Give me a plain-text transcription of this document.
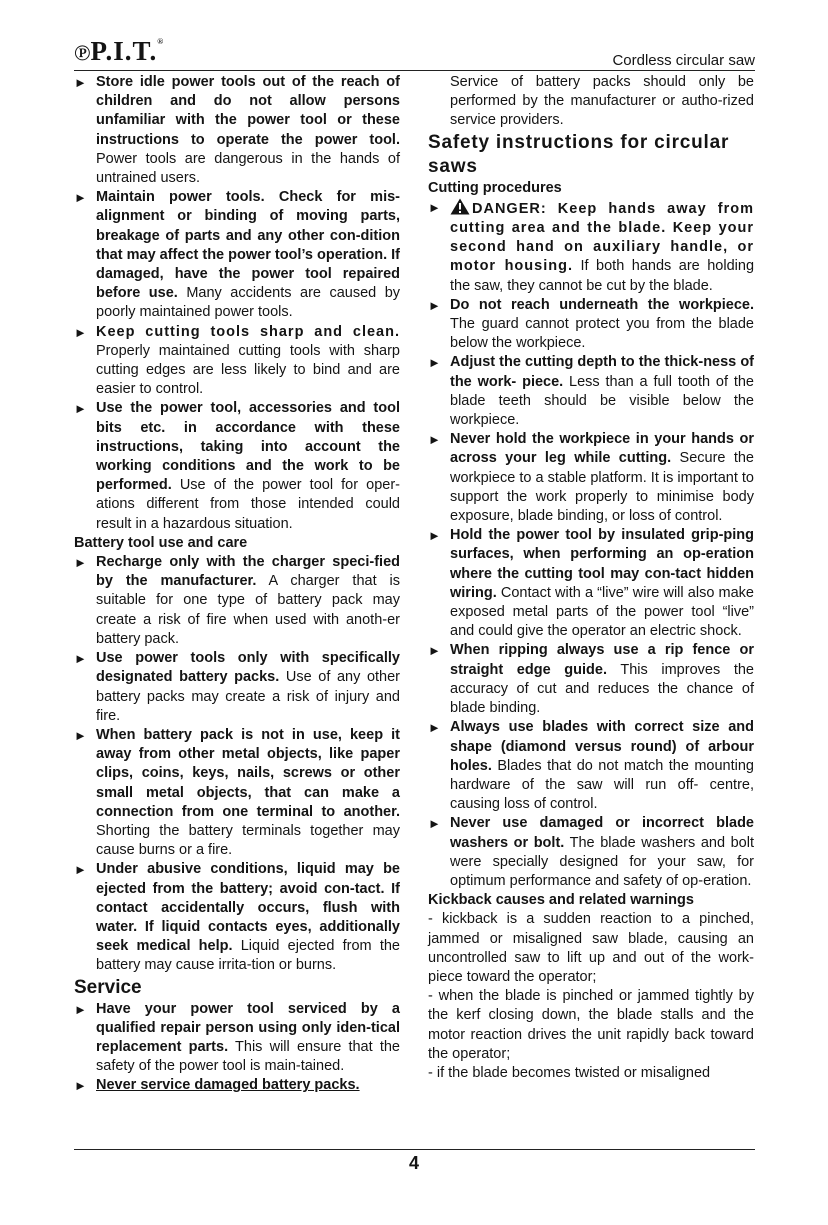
℗P.I.T.®
Cordless circular saw
► Store idle power tools out of the reach of children and do not allow persons unfamiliar with the power tool or these instructions to operate the power tool. Power tools are dangerous in the hands of untrained users.
► Maintain power tools. Check for mis-alignment or binding of moving parts, breakage of parts and any other con-dition that may affect the power tool’s operation. If damaged, have the power tool repaired before use. Many accidents are caused by poorly maintained power tools.
► Keep cutting tools sharp and clean. Properly maintained cutting tools with sharp cutting edges are less likely to bind and are easier to control.
► Use the power tool, accessories and tool bits etc. in accordance with these instructions, taking into account the working conditions and the work to be performed. Use of the power tool for oper-ations different from those intended could result in a hazardous situation.
Battery tool use and care
► Recharge only with the charger speci-fied by the manufacturer. A charger that is suitable for one type of battery pack may create a risk of fire when used with anoth-er battery pack.
► Use power tools only with specifically designated battery packs. Use of any other battery packs may create a risk of injury and fire.
► When battery pack is not in use, keep it away from other metal objects, like paper clips, coins, keys, nails, screws or other small metal objects, that can make a connection from one terminal to another. Shorting the battery terminals together may cause burns or a fire.
► Under abusive conditions, liquid may be ejected from the battery; avoid con-tact. If contact accidentally occurs, flush with water. If liquid contacts eyes, additionally seek medical help. Liquid ejected from the battery may cause irrita-tion or burns.
Service
► Have your power tool serviced by a qualified repair person using only iden-tical replacement parts. This will ensure that the safety of the power tool is main-tained.
► Never service damaged battery packs.
Service of battery packs should only be performed by the manufacturer or autho-rized service providers.
Safety instructions for circular saws
Cutting procedures
► DANGER: Keep hands away from cutting area and the blade. Keep your second hand on auxiliary handle, or motor housing. If both hands are holding the saw, they cannot be cut by the blade.
► Do not reach underneath the workpiece. The guard cannot protect you from the blade below the workpiece.
► Adjust the cutting depth to the thick-ness of the work- piece. Less than a full tooth of the blade teeth should be visible below the workpiece.
► Never hold the workpiece in your hands or across your leg while cutting. Secure the workpiece to a stable platform. It is important to support the work properly to minimise body exposure, blade binding, or loss of control.
► Hold the power tool by insulated grip-ping surfaces, when performing an op-eration where the cutting tool may con-tact hidden wiring. Contact with a “live” wire will also make exposed metal parts of the power tool “live” and could give the operator an electric shock.
► When ripping always use a rip fence or straight edge guide. This improves the accuracy of cut and reduces the chance of blade binding.
► Always use blades with correct size and shape (diamond versus round) of arbour holes. Blades that do not match the mounting hardware of the saw will run off- centre, causing loss of control.
► Never use damaged or incorrect blade washers or bolt. The blade washers and bolt were specially designed for your saw, for optimum performance and safety of op-eration.
Kickback causes and related warnings
- kickback is a sudden reaction to a pinched, jammed or misaligned saw blade, causing an uncontrolled saw to lift up and out of the work-piece toward the operator;
- when the blade is pinched or jammed tightly by the kerf closing down, the blade stalls and the motor reaction drives the unit rapidly back toward the operator;
- if the blade becomes twisted or misaligned
4
